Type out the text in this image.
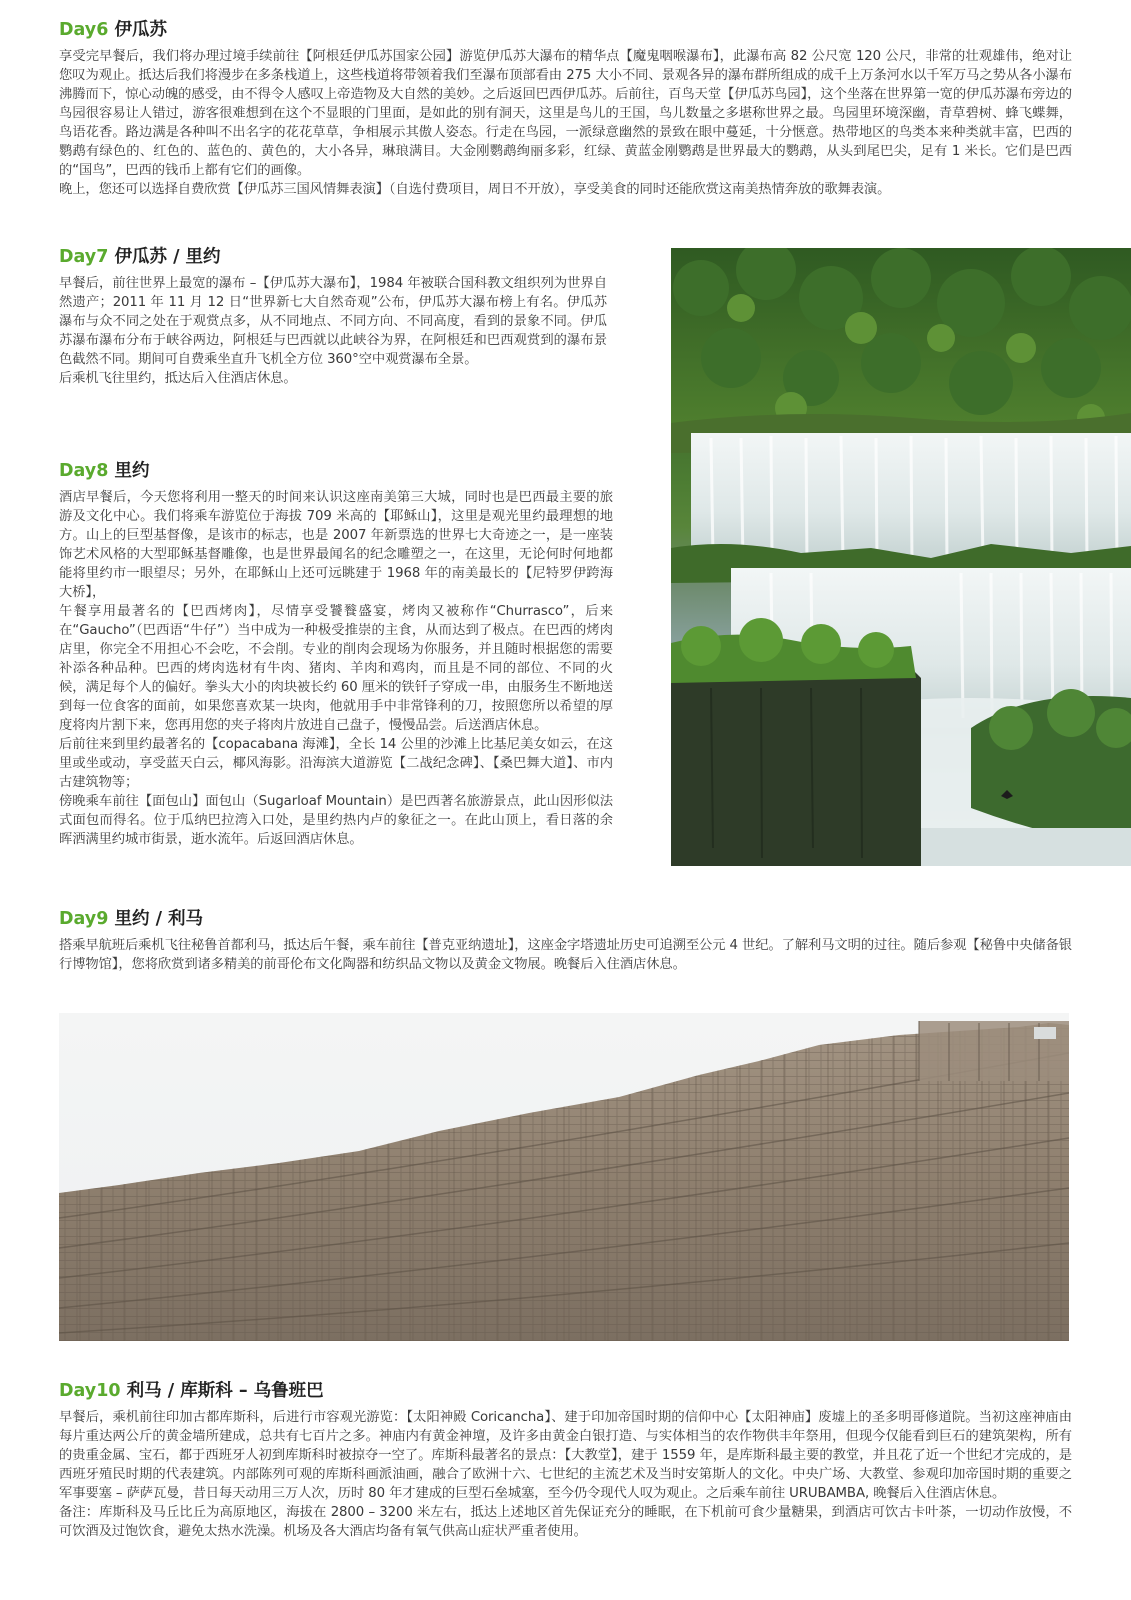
Day6 伊瓜苏

享受完早餐后，我们将办理过境手续前往【阿根廷伊瓜苏国家公园】游览伊瓜苏大瀑布的精华点【魔鬼咽喉瀑布】，此瀑布高 82 公尺宽 120 公尺，非常的壮观雄伟，绝对让您叹为观止。抵达后我们将漫步在多条栈道上，这些栈道将带领着我们至瀑布顶部看由 275 大小不同、景观各异的瀑布群所组成的成千上万条河水以千军万马之势从各小瀑布沸腾而下，惊心动魄的感受，由不得令人感叹上帝造物及大自然的美妙。之后返回巴西伊瓜苏。后前往，百鸟天堂【伊瓜苏鸟园】，这个坐落在世界第一宽的伊瓜苏瀑布旁边的鸟园很容易让人错过，游客很难想到在这个不显眼的门里面，是如此的别有洞天，这里是鸟儿的王国，鸟儿数量之多堪称世界之最。鸟园里环境深幽，青草碧树、蜂飞蝶舞，鸟语花香。路边满是各种叫不出名字的花花草草，争相展示其傲人姿态。行走在鸟园，一派绿意幽然的景致在眼中蔓延，十分惬意。热带地区的鸟类本来种类就丰富，巴西的鹦鹉有绿色的、红色的、蓝色的、黄色的，大小各异，琳琅满目。大金刚鹦鹉绚丽多彩，红绿、黄蓝金刚鹦鹉是世界最大的鹦鹉，从头到尾巴尖，足有 1 米长。它们是巴西的“国鸟”，巴西的钱币上都有它们的画像。

晚上，您还可以选择自费欣赏【伊瓜苏三国风情舞表演】（自选付费项目，周日不开放），享受美食的同时还能欣赏这南美热情奔放的歌舞表演。

Day7 伊瓜苏 / 里约

早餐后，前往世界上最宽的瀑布 –【伊瓜苏大瀑布】，1984 年被联合国科教文组织列为世界自然遗产；2011 年 11 月 12 日“世界新七大自然奇观”公布，伊瓜苏大瀑布榜上有名。伊瓜苏瀑布与众不同之处在于观赏点多，从不同地点、不同方向、不同高度，看到的景象不同。伊瓜苏瀑布瀑布分布于峡谷两边，阿根廷与巴西就以此峡谷为界，在阿根廷和巴西观赏到的瀑布景色截然不同。期间可自费乘坐直升飞机全方位 360°空中观赏瀑布全景。

后乘机飞往里约，抵达后入住酒店休息。

Day8 里约

酒店早餐后，今天您将利用一整天的时间来认识这座南美第三大城，同时也是巴西最主要的旅游及文化中心。我们将乘车游览位于海拔 709 米高的【耶稣山】，这里是观光里约最理想的地方。山上的巨型基督像，是该市的标志，也是 2007 年新票选的世界七大奇迹之一，是一座装饰艺术风格的大型耶稣基督雕像，也是世界最闻名的纪念雕塑之一，在这里，无论何时何地都能将里约市一眼望尽；另外，在耶稣山上还可远眺建于 1968 年的南美最长的【尼特罗伊跨海大桥】，

午餐享用最著名的【巴西烤肉】，尽情享受饕餮盛宴，烤肉又被称作“Churrasco”，后来在“Gaucho”（巴西语“牛仔”）当中成为一种极受推崇的主食，从而达到了极点。在巴西的烤肉店里，你完全不用担心不会吃，不会削。专业的削肉会现场为你服务，并且随时根据您的需要补添各种品种。巴西的烤肉选材有牛肉、猪肉、羊肉和鸡肉，而且是不同的部位、不同的火候，满足每个人的偏好。拳头大小的肉块被长约 60 厘米的铁钎子穿成一串，由服务生不断地送到每一位食客的面前，如果您喜欢某一块肉，他就用手中非常锋利的刀，按照您所以希望的厚度将肉片割下来，您再用您的夹子将肉片放进自己盘子，慢慢品尝。后送酒店休息。

后前往来到里约最著名的【copacabana 海滩】，全长 14 公里的沙滩上比基尼美女如云，在这里或坐或动，享受蓝天白云，椰风海影。沿海滨大道游览【二战纪念碑】、【桑巴舞大道】、市内古建筑物等；

傍晚乘车前往【面包山】面包山（Sugarloaf Mountain）是巴西著名旅游景点，此山因形似法式面包而得名。位于瓜纳巴拉湾入口处，是里约热内卢的象征之一。在此山顶上，看日落的余晖洒满里约城市街景，逝水流年。后返回酒店休息。

Day9 里约 / 利马

搭乘早航班后乘机飞往秘鲁首都利马，抵达后午餐，乘车前往【普克亚纳遗址】，这座金字塔遗址历史可追溯至公元 4 世纪。了解利马文明的过往。随后参观【秘鲁中央储备银行博物馆】，您将欣赏到诸多精美的前哥伦布文化陶器和纺织品文物以及黄金文物展。晚餐后入住酒店休息。

Day10 利马 / 库斯科 – 乌鲁班巴

早餐后，乘机前往印加古都库斯科，后进行市容观光游览：【太阳神殿 Coricancha】、建于印加帝国时期的信仰中心【太阳神庙】废墟上的圣多明哥修道院。当初这座神庙由每片重达两公斤的黄金墙所建成，总共有七百片之多。神庙内有黄金神壇，及许多由黄金白银打造、与实体相当的农作物供丰年祭用，但现今仅能看到巨石的建筑架构，所有的贵重金属、宝石，都于西班牙人初到库斯科时被掠夺一空了。库斯科最著名的景点：【大教堂】，建于 1559 年，是库斯科最主要的教堂，并且花了近一个世纪才完成的，是西班牙殖民时期的代表建筑。内部陈列可观的库斯科画派油画，融合了欧洲十六、七世纪的主流艺术及当时安第斯人的文化。中央广场、大教堂、参观印加帝国时期的重要之军事要塞 – 萨萨瓦曼，昔日每天动用三万人次，历时 80 年才建成的巨型石垒城塞，至今仍令现代人叹为观止。之后乘车前往 URUBAMBA, 晚餐后入住酒店休息。

备注：库斯科及马丘比丘为高原地区，海拔在 2800 – 3200 米左右，抵达上述地区首先保证充分的睡眠，在下机前可食少量糖果，到酒店可饮古卡叶茶，一切动作放慢，不可饮酒及过饱饮食，避免太热水洗澡。机场及各大酒店均备有氧气供高山症状严重者使用。
